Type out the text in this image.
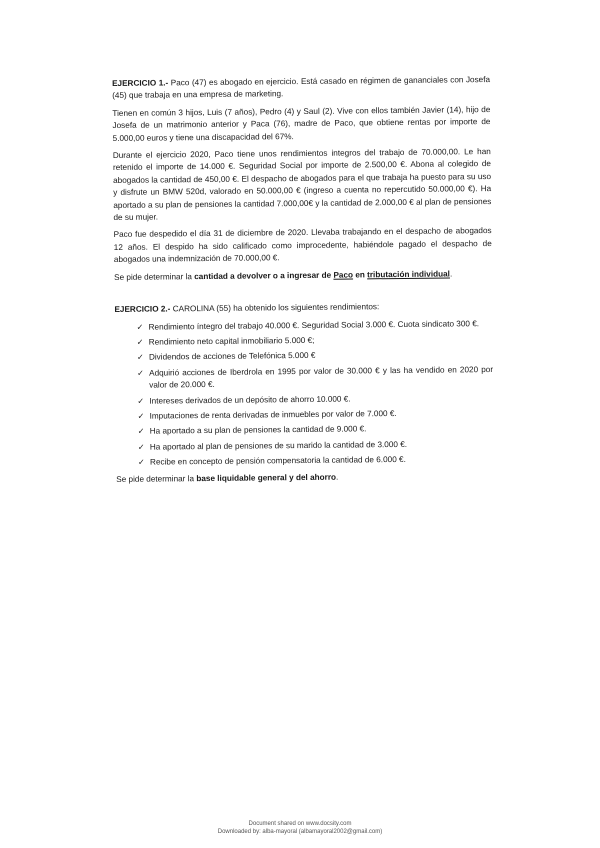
EJERCICIO 1.- Paco (47) es abogado en ejercicio. Está casado en régimen de gananciales con Josefa (45) que trabaja en una empresa de marketing.

Tienen en común 3 hijos, Luis (7 años), Pedro (4) y Saul (2). Vive con ellos también Javier (14), hijo de Josefa de un matrimonio anterior y Paca (76), madre de Paco, que obtiene rentas por importe de 5.000,00 euros y tiene una discapacidad del 67%.

Durante el ejercicio 2020, Paco tiene unos rendimientos integros del trabajo de 70.000,00. Le han retenido el importe de 14.000 €. Seguridad Social por importe de 2.500,00 €. Abona al colegido de abogados la cantidad de 450,00 €. El despacho de abogados para el que trabaja ha puesto para su uso y disfrute un BMW 520d, valorado en 50.000,00 € (ingreso a cuenta no repercutido 50.000,00 €). Ha aportado a su plan de pensiones la cantidad 7.000,00€ y la cantidad de 2.000,00 € al plan de pensiones de su mujer.

Paco fue despedido el día 31 de diciembre de 2020. Llevaba trabajando en el despacho de abogados 12 años. El despido ha sido calificado como improcedente, habiéndole pagado el despacho de abogados una indemnización de 70.000,00 €.

Se pide determinar la cantidad a devolver o a ingresar de Paco en tributación individual.

EJERCICIO 2.- CAROLINA (55) ha obtenido los siguientes rendimientos:

✓ Rendimiento íntegro del trabajo 40.000 €. Seguridad Social 3.000 €. Cuota sindicato 300 €.
✓ Rendimiento neto capital inmobiliario 5.000 €;
✓ Dividendos de acciones de Telefónica 5.000 €
✓ Adquirió acciones de Iberdrola en 1995 por valor de 30.000 € y las ha vendido en 2020 por valor de 20.000 €.
✓ Intereses derivados de un depósito de ahorro 10.000 €.
✓ Imputaciones de renta derivadas de inmuebles por valor de 7.000 €.
✓ Ha aportado a su plan de pensiones la cantidad de 9.000 €.
✓ Ha aportado al plan de pensiones de su marido la cantidad de 3.000 €.
✓ Recibe en concepto de pensión compensatoria la cantidad de 6.000 €.

Se pide determinar la base liquidable general y del ahorro.

Document shared on www.docsity.com
Downloaded by: alba-mayoral (albamayoral2002@gmail.com)
